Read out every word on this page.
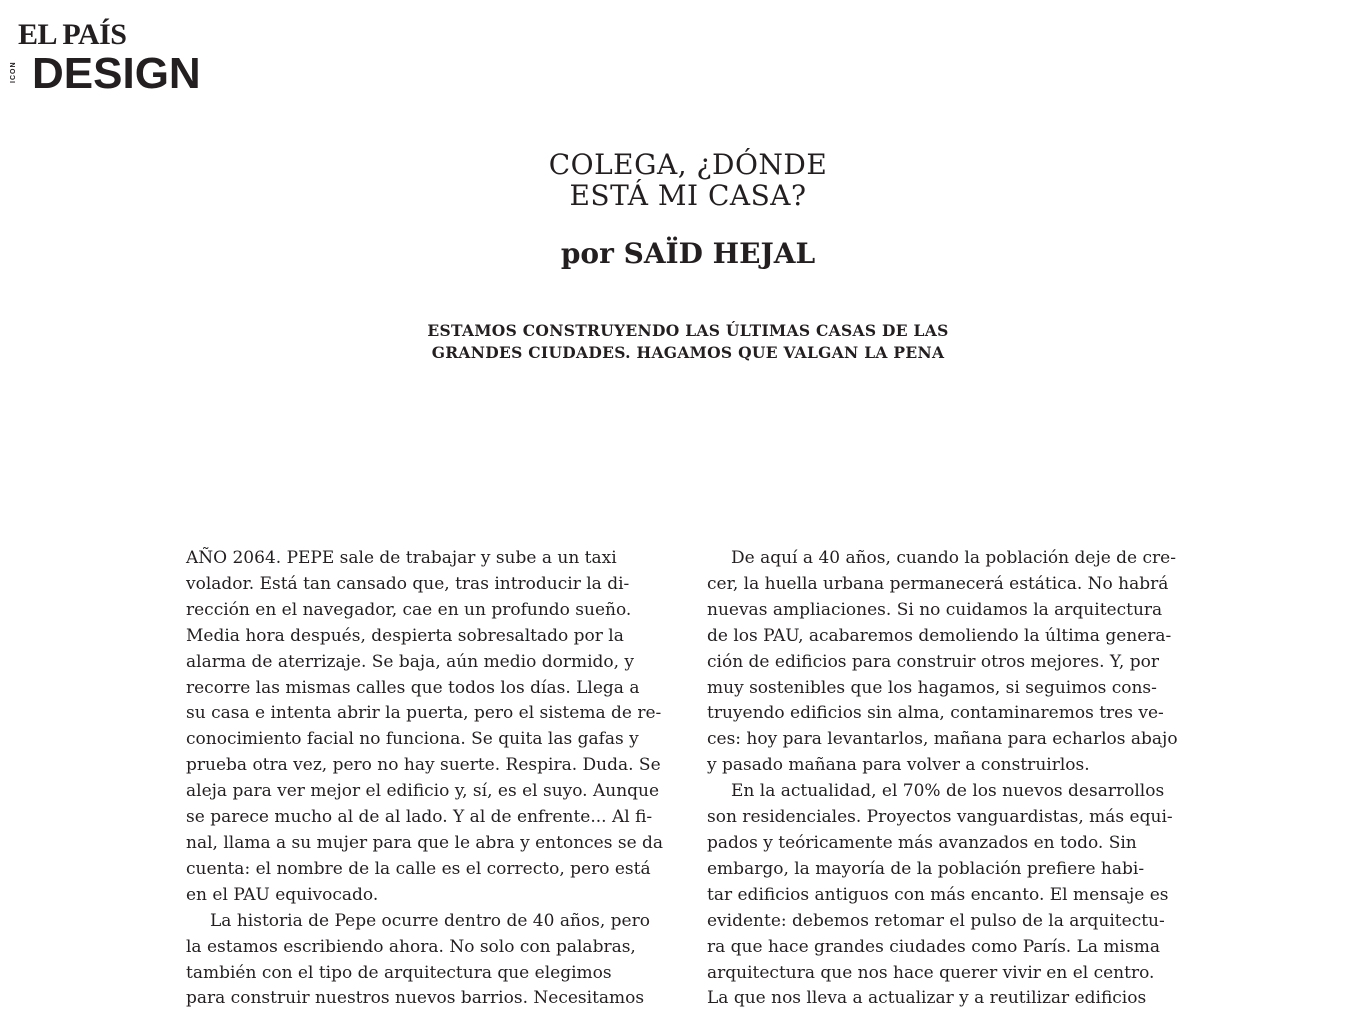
EL PAÍS
ICON DESIGN
COLEGA, ¿DÓNDE
ESTÁ MI CASA?
por SAÏD HEJAL
ESTAMOS CONSTRUYENDO LAS ÚLTIMAS CASAS DE LAS
GRANDES CIUDADES. HAGAMOS QUE VALGAN LA PENA
AÑO 2064. PEPE sale de trabajar y sube a un taxi
volador. Está tan cansado que, tras introducir la di-
rección en el navegador, cae en un profundo sueño.
Media hora después, despierta sobresaltado por la
alarma de aterrizaje. Se baja, aún medio dormido, y
recorre las mismas calles que todos los días. Llega a
su casa e intenta abrir la puerta, pero el sistema de re-
conocimiento facial no funciona. Se quita las gafas y
prueba otra vez, pero no hay suerte. Respira. Duda. Se
aleja para ver mejor el edificio y, sí, es el suyo. Aunque
se parece mucho al de al lado. Y al de enfrente... Al fi-
nal, llama a su mujer para que le abra y entonces se da
cuenta: el nombre de la calle es el correcto, pero está
en el PAU equivocado.
La historia de Pepe ocurre dentro de 40 años, pero
la estamos escribiendo ahora. No solo con palabras,
también con el tipo de arquitectura que elegimos
para construir nuestros nuevos barrios. Necesitamos
De aquí a 40 años, cuando la población deje de cre-
cer, la huella urbana permanecerá estática. No habrá
nuevas ampliaciones. Si no cuidamos la arquitectura
de los PAU, acabaremos demoliendo la última genera-
ción de edificios para construir otros mejores. Y, por
muy sostenibles que los hagamos, si seguimos cons-
truyendo edificios sin alma, contaminaremos tres ve-
ces: hoy para levantarlos, mañana para echarlos abajo
y pasado mañana para volver a construirlos.
En la actualidad, el 70% de los nuevos desarrollos
son residenciales. Proyectos vanguardistas, más equi-
pados y teóricamente más avanzados en todo. Sin
embargo, la mayoría de la población prefiere habi-
tar edificios antiguos con más encanto. El mensaje es
evidente: debemos retomar el pulso de la arquitectu-
ra que hace grandes ciudades como París. La misma
arquitectura que nos hace querer vivir en el centro.
La que nos lleva a actualizar y a reutilizar edificios
